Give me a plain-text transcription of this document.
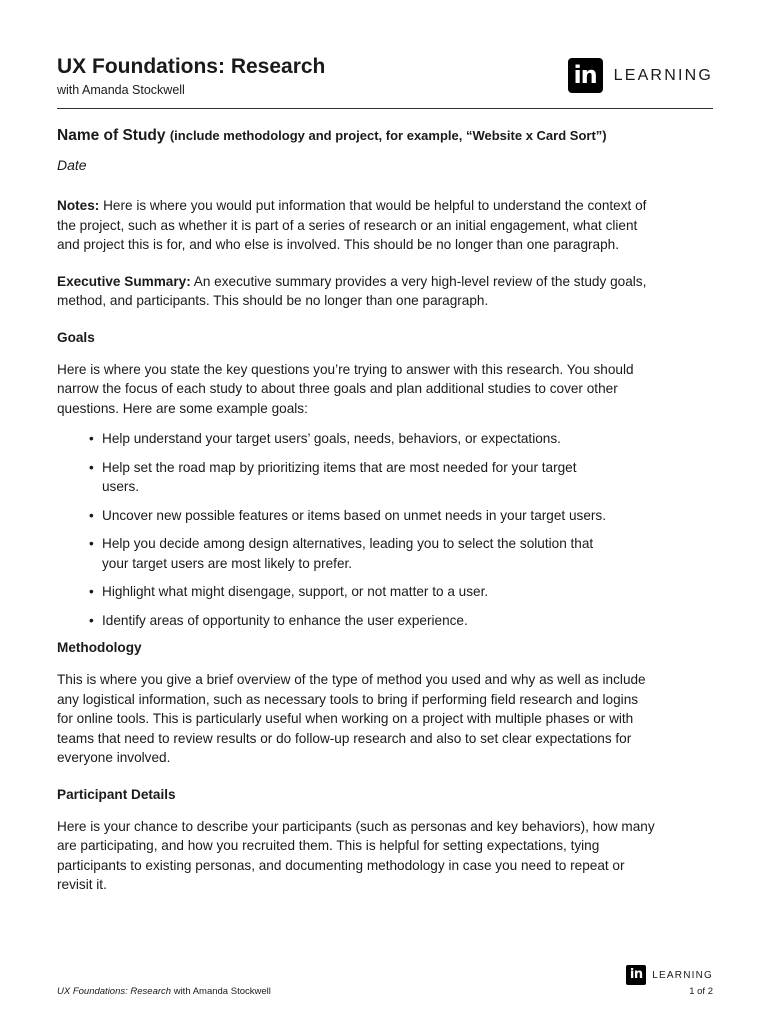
UX Foundations: Research
with Amanda Stockwell
in	LEARNING
Name of Study (include methodology and project, for example, “Website x Card Sort”)
Date

Notes: Here is where you would put information that would be helpful to understand the context of the project, such as whether it is part of a series of research or an initial engagement, what client and project this is for, and who else is involved. This should be no longer than one paragraph.

Executive Summary: An executive summary provides a very high-level review of the study goals, method, and participants. This should be no longer than one paragraph.

Goals

Here is where you state the key questions you’re trying to answer with this research. You should narrow the focus of each study to about three goals and plan additional studies to cover other questions. Here are some example goals:

• Help understand your target users’ goals, needs, behaviors, or expectations.
• Help set the road map by prioritizing items that are most needed for your target users.
• Uncover new possible features or items based on unmet needs in your target users.
• Help you decide among design alternatives, leading you to select the solution that your target users are most likely to prefer.
• Highlight what might disengage, support, or not matter to a user.
• Identify areas of opportunity to enhance the user experience.
Methodology

This is where you give a brief overview of the type of method you used and why as well as include any logistical information, such as necessary tools to bring if performing field research and logins for online tools. This is particularly useful when working on a project with multiple phases or with teams that need to review results or do follow-up research and also to set clear expectations for everyone involved.

Participant Details

Here is your chance to describe your participants (such as personas and key behaviors), how many are participating, and how you recruited them. This is helpful for setting expectations, tying participants to existing personas, and documenting methodology in case you need to repeat or revisit it.

in LEARNING
UX Foundations: Research with Amanda Stockwell	1 of 2
